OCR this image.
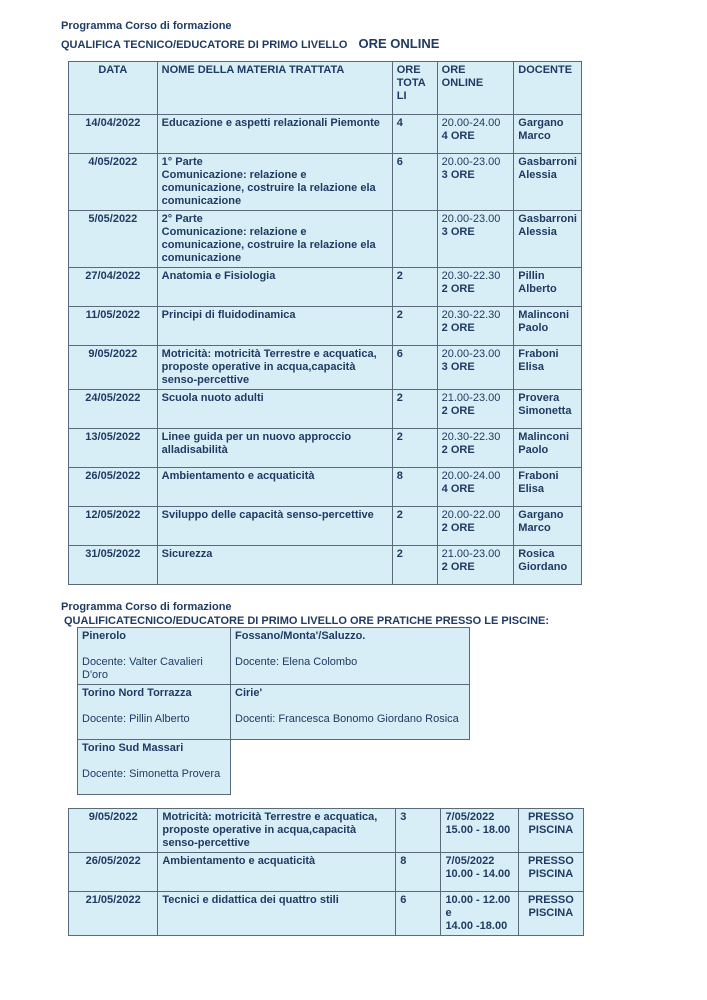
Programma Corso di formazione
QUALIFICA TECNICO/EDUCATORE DI PRIMO LIVELLO ORE ONLINE
DATA	NOME DELLA MATERIA TRATTATA	ORE TOTA LI	ORE ONLINE	DOCENTE
14/04/2022	Educazione e aspetti relazionali Piemonte	4	20.00-24.00
4 ORE	Gargano Marco
4/05/2022	1° Parte
Comunicazione: relazione e comunicazione, costruire la relazione ela comunicazione	6	20.00-23.00
3 ORE	Gasbarroni Alessia
5/05/2022	2° Parte
Comunicazione: relazione e comunicazione, costruire la relazione ela comunicazione		20.00-23.00
3 ORE	Gasbarroni Alessia
27/04/2022	Anatomia e Fisiologia	2	20.30-22.30
2 ORE	Pillin Alberto
11/05/2022	Principi di fluidodinamica	2	20.30-22.30
2 ORE	Malinconi Paolo
9/05/2022	Motricità: motricità Terrestre e acquatica, proposte operative in acqua,capacità senso-percettive	6	20.00-23.00
3 ORE	Fraboni Elisa
24/05/2022	Scuola nuoto adulti	2	21.00-23.00
2 ORE	Provera Simonetta
13/05/2022	Linee guida per un nuovo approccio alladisabilità	2	20.30-22.30
2 ORE	Malinconi Paolo
26/05/2022	Ambientamento e acquaticità	8	20.00-24.00
4 ORE	Fraboni Elisa
12/05/2022	Sviluppo delle capacità senso-percettive	2	20.00-22.00
2 ORE	Gargano Marco
31/05/2022	Sicurezza	2	21.00-23.00
2 ORE	Rosica Giordano
Programma Corso di formazione
QUALIFICATECNICO/EDUCATORE DI PRIMO LIVELLO ORE PRATICHE PRESSO LE PISCINE:
Pinerolo

Docente: Valter Cavalieri D'oro	Fossano/Monta'/Saluzzo.

Docente: Elena Colombo

Torino Nord Torrazza

Docente: Pillin Alberto	Cirie'

Docenti: Francesca Bonomo Giordano Rosica

Torino Sud Massari

Docente: Simonetta Provera	
9/05/2022	Motricità: motricità Terrestre e acquatica, proposte operative in acqua,capacità senso-percettive	3	7/05/2022
15.00 - 18.00	PRESSO PISCINA
26/05/2022	Ambientamento e acquaticità	8	7/05/2022
10.00 - 14.00	PRESSO PISCINA
21/05/2022	Tecnici e didattica dei quattro stili	6	10.00 - 12.00
e
14.00 -18.00	PRESSO PISCINA
